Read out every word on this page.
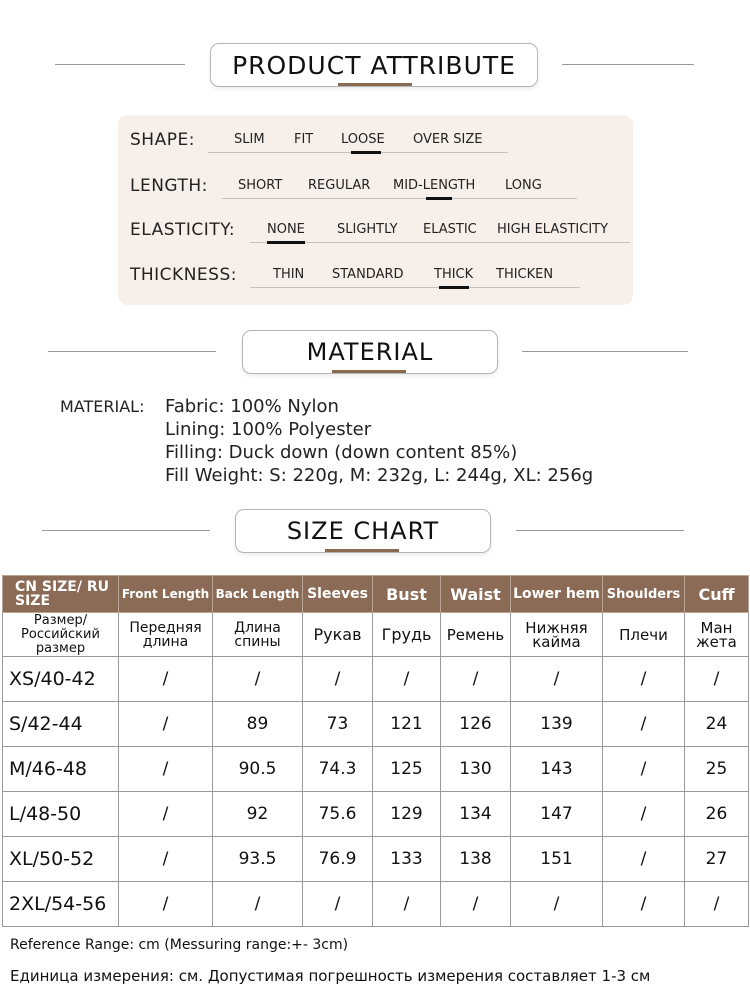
PRODUCT ATTRIBUTE
SHAPE:	SLIM FIT LOOSE OVER SIZE
LENGTH: SHORT REGULAR MID-LENGTH LONG
ELASTICITY: NONE SLIGHTLY ELASTIC HIGH ELASTICITY
THICKNESS:	THIN STANDARD THICK THICKEN
MATERIAL
MATERIAL: Fabric: 100% Nylon
Lining: 100% Polyester
Filling: Duck down (down content 85%)
Fill Weight: S: 220g, M: 232g, L: 244g, XL: 256g
SIZE CHART
CN SIZE/ RU SIZE	Front Length	Back Length	Sleeves	Bust	Waist	Lower hem	Shoulders	Cuff
Размер/ Российский размер	Передняя длина	Длина спины	Рукав	Грудь	Ремень	Нижняя кайма	Плечи	Ман жета
XS/40-42	/	/	/	/	/	/	/	/
S/42-44	/	89	73	121	126	139	/	24
M/46-48	/	90.5	74.3	125	130	143	/	25
L/48-50	/	92	75.6	129	134	147	/	26
XL/50-52	/	93.5	76.9	133	138	151	/	27
2XL/54-56	/	/	/	/	/	/	/	/
Reference Range: cm (Messuring range:+- 3cm)
Единица измерения: см. Допустимая погрешность измерения составляет 1-3 см
